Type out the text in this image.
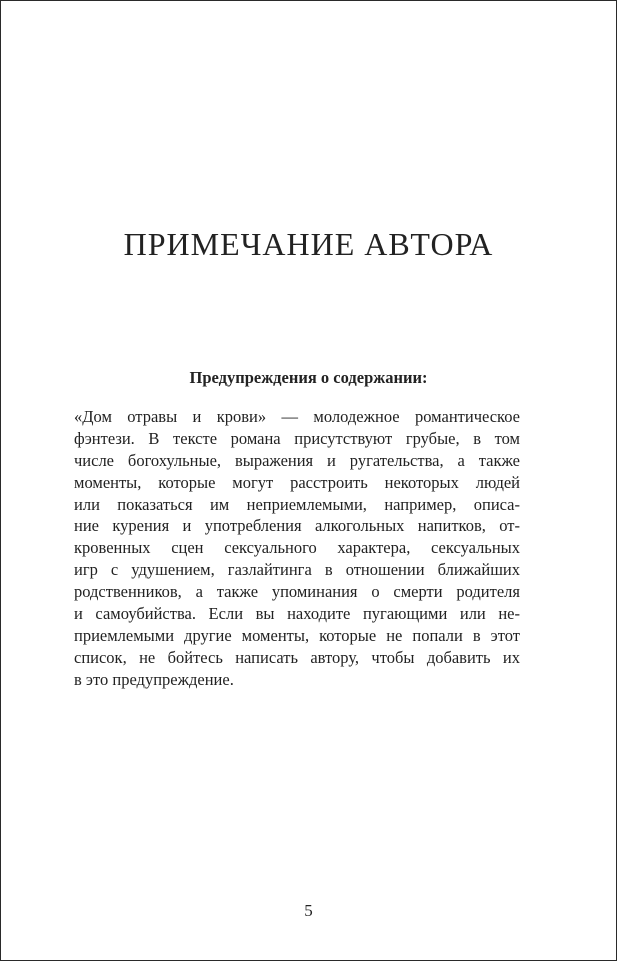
ПРИМЕЧАНИЕ АВТОРА
Предупреждения о содержании:
«Дом отравы и крови» — молодежное романтическое
фэнтези. В тексте романа присутствуют грубые, в том
числе богохульные, выражения и ругательства, а также
моменты, которые могут расстроить некоторых людей
или показаться им неприемлемыми, например, описа-
ние курения и употребления алкогольных напитков, от-
кровенных сцен сексуального характера, сексуальных
игр с удушением, газлайтинга в отношении ближайших
родственников, а также упоминания о смерти родителя
и самоубийства. Если вы находите пугающими или не-
приемлемыми другие моменты, которые не попали в этот
список, не бойтесь написать автору, чтобы добавить их
в это предупреждение.
5
